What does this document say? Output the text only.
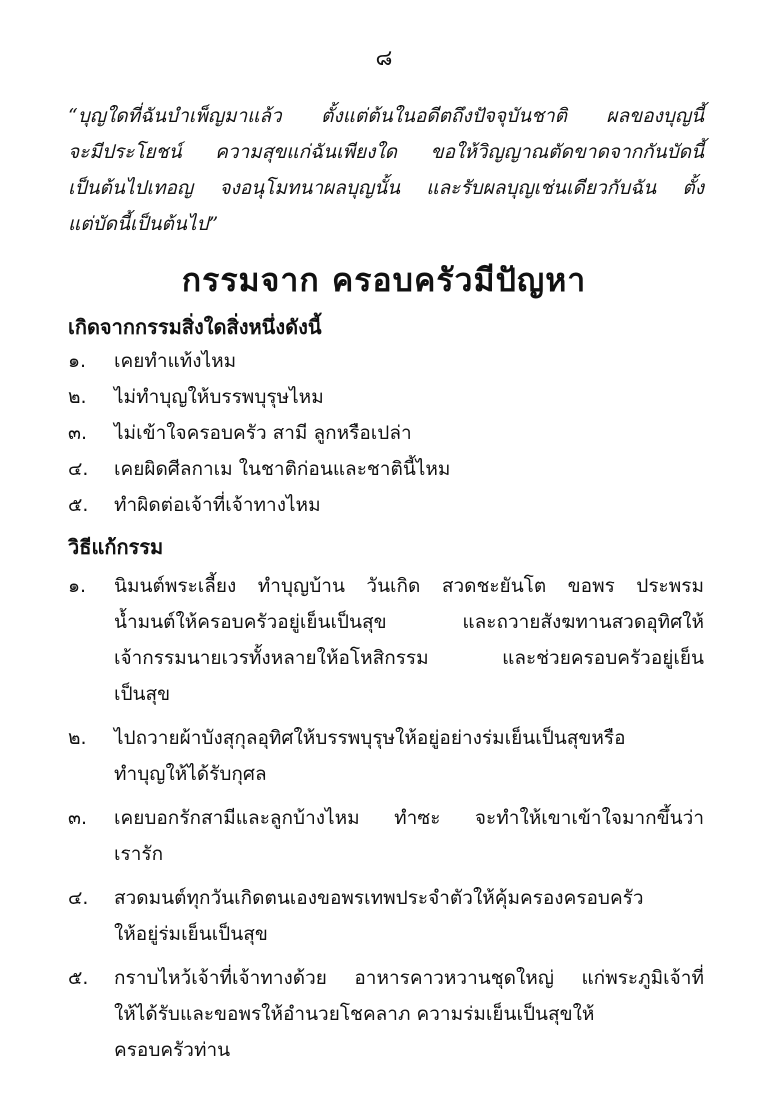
๘
“บุญใดที่ฉันบำเพ็ญมาแล้ว ตั้งแต่ต้นในอดีตถึงปัจจุบันชาติ ผลของบุญนี้
จะมีประโยชน์ ความสุขแก่ฉันเพียงใด ขอให้วิญญาณตัดขาดจากกันบัดนี้
เป็นต้นไปเทอญ จงอนุโมทนาผลบุญนั้น และรับผลบุญเช่นเดียวกับฉัน ตั้ง
แต่บัดนี้เป็นต้นไป”
กรรมจาก ครอบครัวมีปัญหา
เกิดจากกรรมสิ่งใดสิ่งหนึ่งดังนี้
๑.	เคยทำแท้งไหม
๒.	ไม่ทำบุญให้บรรพบุรุษไหม
๓.	ไม่เข้าใจครอบครัว สามี ลูกหรือเปล่า
๔.	เคยผิดศีลกาเม ในชาติก่อนและชาตินี้ไหม
๕.	ทำผิดต่อเจ้าที่เจ้าทางไหม
วิธีแก้กรรม
๑.	นิมนต์พระเลี้ยง ทำบุญบ้าน วันเกิด สวดชะยันโต ขอพร ประพรม
น้ำมนต์ให้ครอบครัวอยู่เย็นเป็นสุข และถวายสังฆทานสวดอุทิศให้
เจ้ากรรมนายเวรทั้งหลายให้อโหสิกรรม และช่วยครอบครัวอยู่เย็น
เป็นสุข
๒.	ไปถวายผ้าบังสุกุลอุทิศให้บรรพบุรุษให้อยู่อย่างร่มเย็นเป็นสุขหรือ
ทำบุญให้ได้รับกุศล
๓.	เคยบอกรักสามีและลูกบ้างไหม ทำซะ จะทำให้เขาเข้าใจมากขึ้นว่า
เรารัก
๔.	สวดมนต์ทุกวันเกิดตนเองขอพรเทพประจำตัวให้คุ้มครองครอบครัว
ให้อยู่ร่มเย็นเป็นสุข
๕.	กราบไหว้เจ้าที่เจ้าทางด้วย อาหารคาวหวานชุดใหญ่ แก่พระภูมิเจ้าที่
ให้ได้รับและขอพรให้อำนวยโชคลาภ ความร่มเย็นเป็นสุขให้
ครอบครัวท่าน
